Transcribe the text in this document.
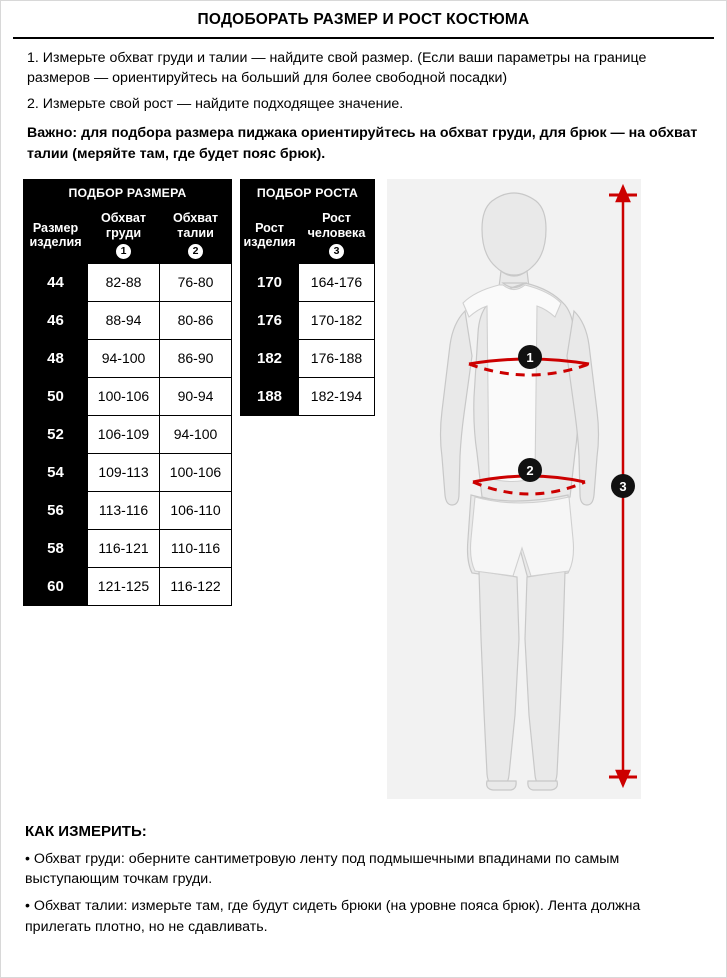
ПОДОБОРАТЬ РАЗМЕР И РОСТ КОСТЮМА

1. Измерьте обхват груди и талии — найдите свой размер. (Если ваши параметры на границе размеров — ориентируйтесь на больший для более свободной посадки)

2. Измерьте свой рост — найдите подходящее значение.

Важно: для подбора размера пиджака ориентируйтесь на обхват груди, для брюк — на обхват талии (меряйте там, где будет пояс брюк).

ПОДБОР РАЗМЕРА		

Размер изделия

Обхват груди
1	
Обхват талии
2
44	82-88	76-80
46	88-94	80-86
48	94-100	86-90
50	100-106	90-94
52	106-109	94-100
54	109-113	100-106
56	113-116	106-110
58	116-121	110-116
60	121-125	116-122
ПОДБОР РОСТА	

Рост изделия	Рост человека
3
170	164-176
176	170-182
182	176-188
188	182-194
1
2
3
КАК ИЗМЕРИТЬ:

• Обхват груди: оберните сантиметровую ленту под подмышечными впадинами по самым выступающим точкам груди.

• Обхват талии: измерьте там, где будут сидеть брюки (на уровне пояса брюк). Лента должна прилегать плотно, но не сдавливать.
